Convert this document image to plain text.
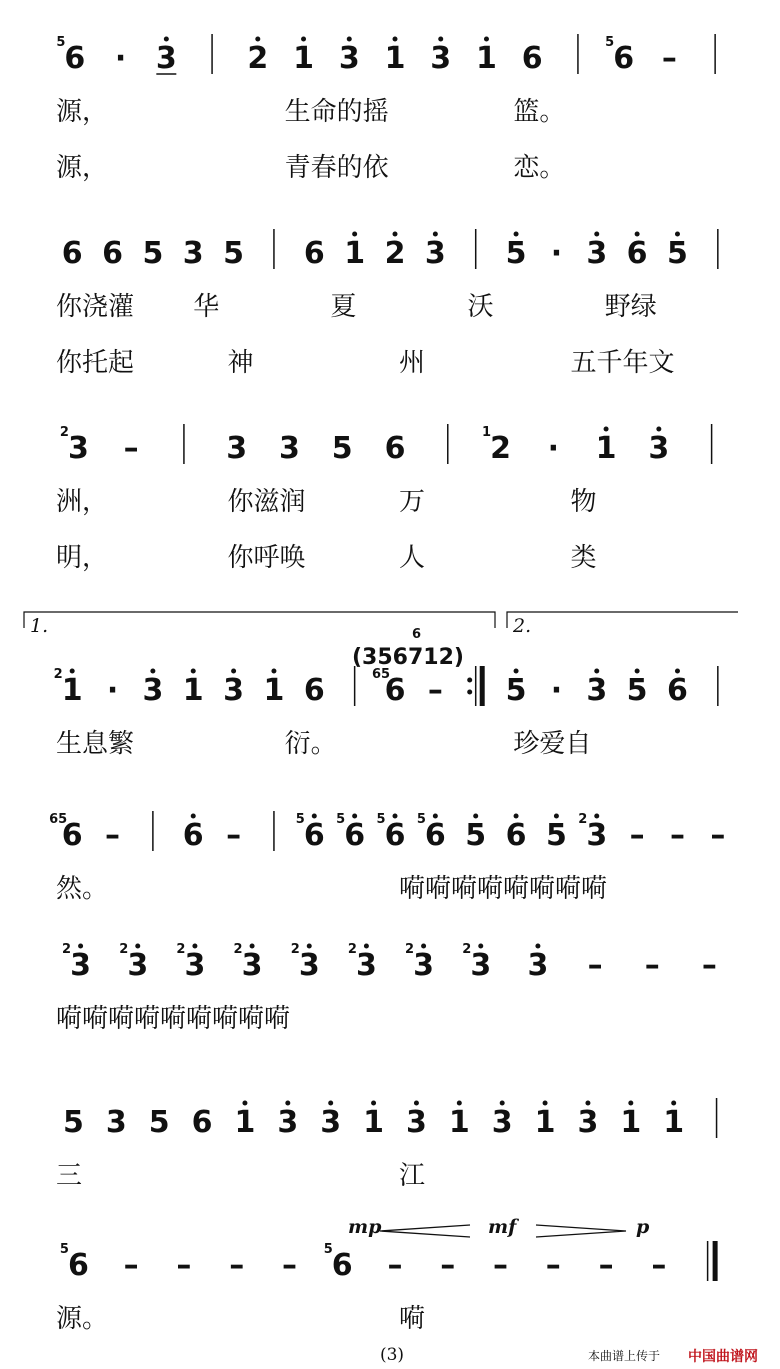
6
5 · 3 2 1 3 1 3 1 6 6
5 –
源，	生命的摇	篮。
源，	青春的依	恋。
6 6 5 3 5 6 1 2 3 5 · 3 6 5
你浇灌 华	夏	沃	野绿
你托起	神	州	五千年文
3
2 –	3 3 5 6	2
1 · 1 3
洲，	你滋润	万	物
明，	你呼唤	人	类
1
2 · 3 1 3 1 6 6
65 – 5 · 3 5 6
生息繁	衍。	珍爱自
1.	2.
(356712)
6
6
65 – 6 – 6
5 6
5 6
5 6
5 5 6 5 3
2 – – –
然。	嗬嗬嗬嗬嗬嗬嗬嗬
3
2 3
2 3
2 3
2 3
2 3
2 3
2 3
2 3 – – –
嗬嗬嗬嗬嗬嗬嗬嗬嗬
5 3 5 6 1 3 3 1 3 1 3 1 3 1 1
三	江
6
5 – – – – 6
5 – – – – – –
源。	嗬
mp	mf	p
(3)	本曲谱上传于 中国曲谱网
